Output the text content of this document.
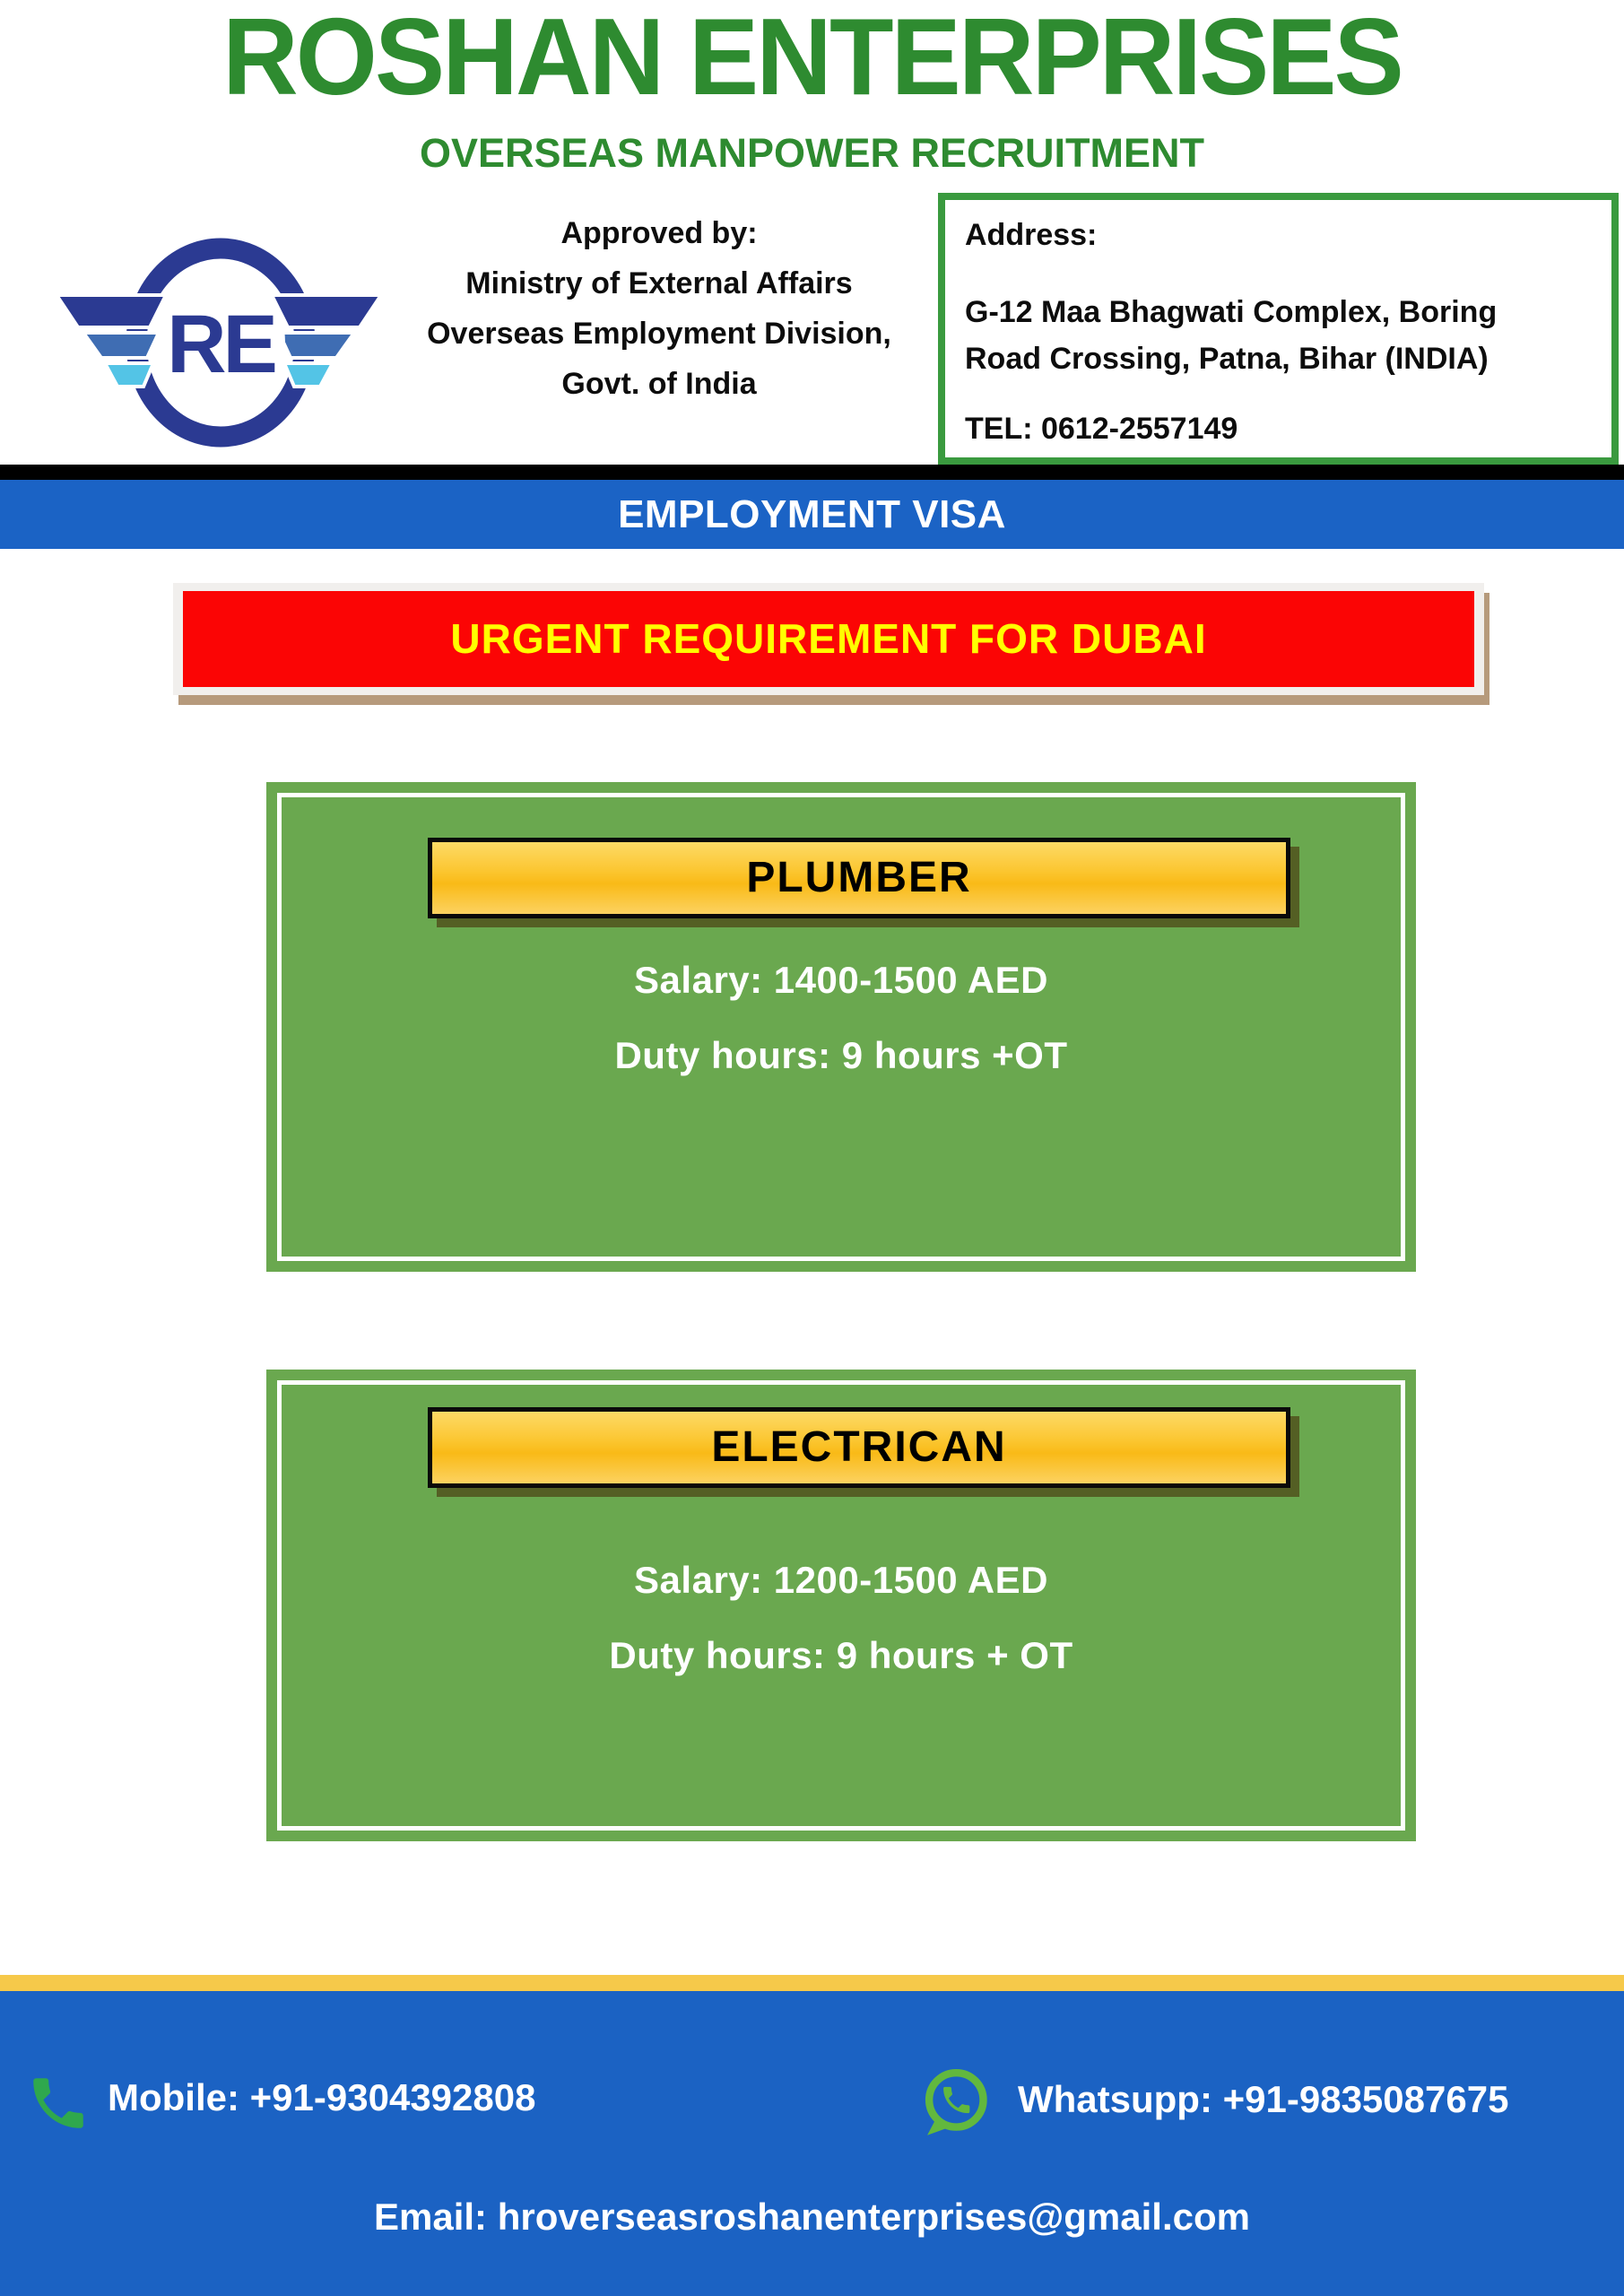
ROSHAN ENTERPRISES
OVERSEAS MANPOWER RECRUITMENT
RE
Approved by:
Ministry of External Affairs
Overseas Employment Division,
Govt. of India
Address:
G-12 Maa Bhagwati Complex, Boring
Road Crossing, Patna, Bihar (INDIA)
TEL: 0612-2557149
EMPLOYMENT VISA
URGENT REQUIREMENT FOR DUBAI
PLUMBER
Salary: 1400-1500 AED
Duty hours: 9 hours +OT
ELECTRICAN
Salary: 1200-1500 AED
Duty hours: 9 hours + OT
Mobile: +91-9304392808	Whatsupp: +91-9835087675
Email: hroverseasroshanenterprises@gmail.com
